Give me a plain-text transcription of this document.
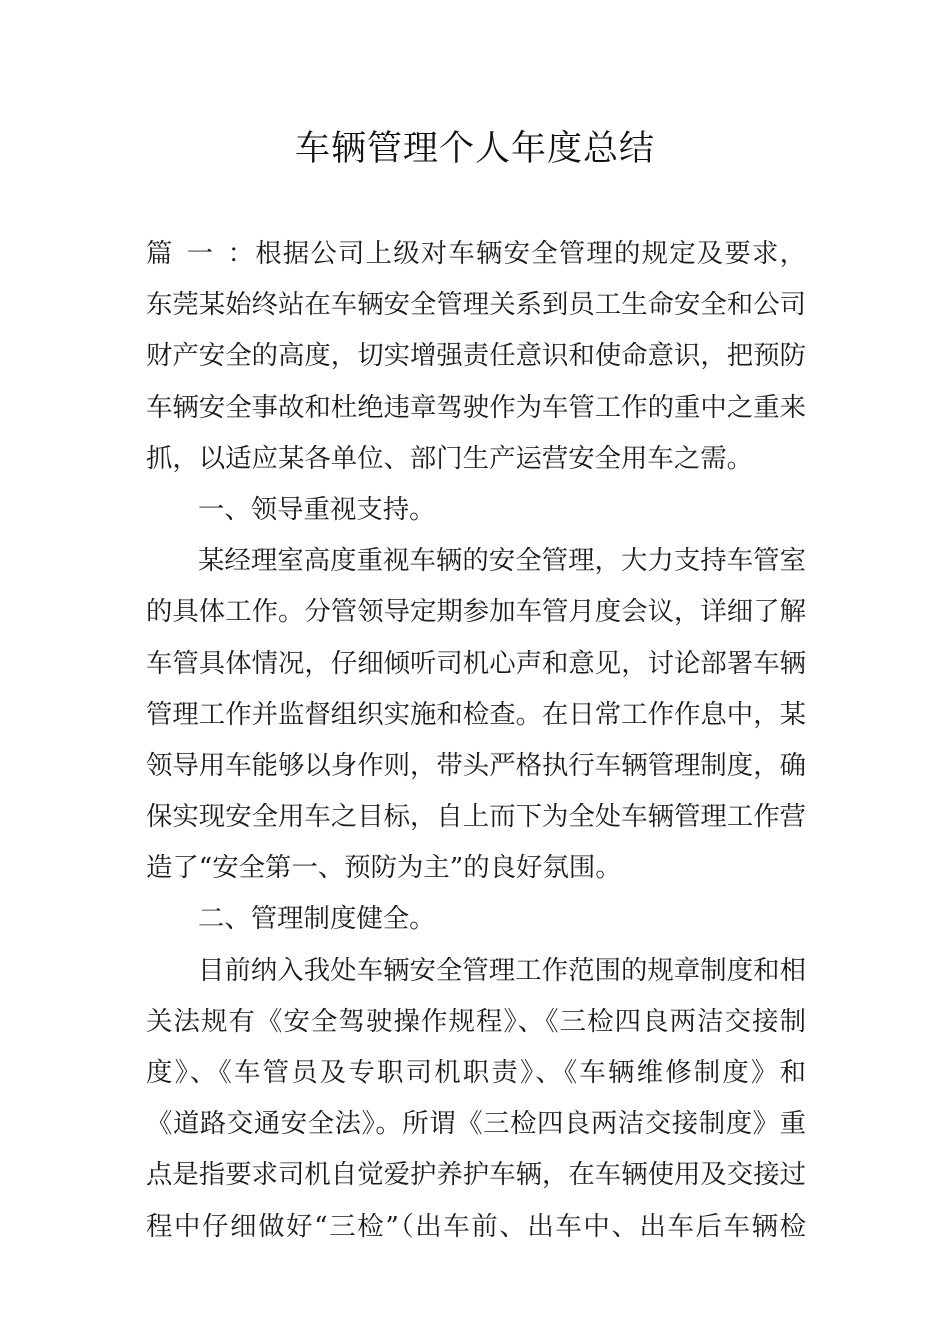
车辆管理个人年度总结
篇一：根据公司上级对车辆安全管理的规定及要求，
东莞某始终站在车辆安全管理关系到员工生命安全和公司
财产安全的高度，切实增强责任意识和使命意识，把预防
车辆安全事故和杜绝违章驾驶作为车管工作的重中之重来
抓，以适应某各单位、部门生产运营安全用车之需。
一、领导重视支持。
某经理室高度重视车辆的安全管理，大力支持车管室
的具体工作。分管领导定期参加车管月度会议，详细了解
车管具体情况，仔细倾听司机心声和意见，讨论部署车辆
管理工作并监督组织实施和检查。在日常工作作息中，某
领导用车能够以身作则，带头严格执行车辆管理制度，确
保实现安全用车之目标，自上而下为全处车辆管理工作营
造了“安全第一、预防为主”的良好氛围。
二、管理制度健全。
目前纳入我处车辆安全管理工作范围的规章制度和相
关法规有《安全驾驶操作规程》、《三检四良两洁交接制
度》、《车管员及专职司机职责》、《车辆维修制度》和
《道路交通安全法》。所谓《三检四良两洁交接制度》重
点是指要求司机自觉爱护养护车辆，在车辆使用及交接过
程中仔细做好“三检”（出车前、出车中、出车后车辆检
